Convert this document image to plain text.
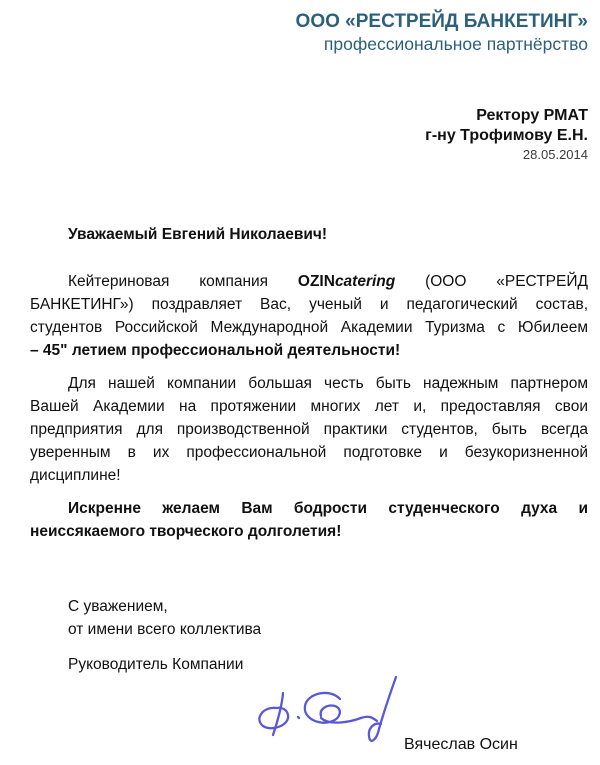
ООО «РЕСТРЕЙД БАНКЕТИНГ»
профессиональное партнёрство
Ректору РМАТ
г-ну Трофимову Е.Н.
28.05.2014
Уважаемый Евгений Николаевич!
Кейтериновая компания OZINcatering (ООО «РЕСТРЕЙД
БАНКЕТИНГ») поздравляет Вас, ученый и педагогический состав,
студентов Российской Международной Академии Туризма с Юбилеем
– 45" летием профессиональной деятельности!
Для нашей компании большая честь быть надежным партнером
Вашей Академии на протяжении многих лет и, предоставляя свои
предприятия для производственной практики студентов, быть всегда
уверенным в их профессиональной подготовке и безукоризненной
дисциплине!
Искренне желаем Вам бодрости студенческого духа и
неиссякаемого творческого долголетия!
С уважением,
от имени всего коллектива
Руководитель Компании
Вячеслав Осин
